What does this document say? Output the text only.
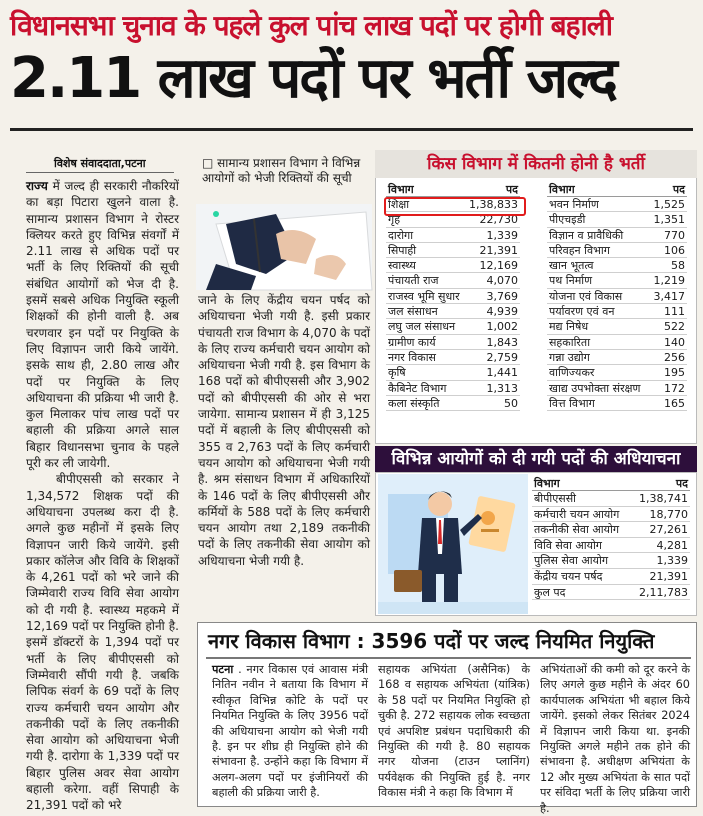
विधानसभा चुनाव के पहले कुल पांच लाख पदों पर होगी बहाली
2.11 लाख पदों पर भर्ती जल्द
विशेष संवाददाता,पटना

राज्य में जल्द ही सरकारी नौकरियों का बड़ा पिटारा खुलने वाला है. सामान्य प्रशासन विभाग ने रोस्टर क्लियर करते हुए विभिन्न संवर्गों में 2.11 लाख से अधिक पदों पर भर्ती के लिए रिक्तियों की सूची संबंधित आयोगों को भेज दी है. इसमें सबसे अधिक नियुक्ति स्कूली शिक्षकों की होनी वाली है. अब चरणवार इन पदों पर नियुक्ति के लिए विज्ञापन जारी किये जायेंगे. इसके साथ ही, 2.80 लाख और पदों पर नियुक्ति के लिए अधियाचना की प्रक्रिया भी जारी है. कुल मिलाकर पांच लाख पदों पर बहाली की प्रक्रिया अगले साल बिहार विधानसभा चुनाव के पहले पूरी कर ली जायेगी.

बीपीएससी को सरकार ने 1,34,572 शिक्षक पदों की अधियाचना उपलब्ध करा दी है. अगले कुछ महीनों में इसके लिए विज्ञापन जारी किये जायेंगे. इसी प्रकार कॉलेज और विवि के शिक्षकों के 4,261 पदों को भरे जाने की जिम्मेवारी राज्य विवि सेवा आयोग को दी गयी है. स्वास्थ्य महकमे में 12,169 पदों पर नियुक्ति होनी है. इसमें डॉक्टरों के 1,394 पदों पर भर्ती के लिए बीपीएससी को जिम्मेवारी सौंपी गयी है. जबकि लिपिक संवर्ग के 69 पदों के लिए राज्य कर्मचारी चयन आयोग और तकनीकी पदों के लिए तकनीकी सेवा आयोग को अधियाचना भेजी गयी है. दारोगा के 1,339 पदों पर बिहार पुलिस अवर सेवा आयोग बहाली करेगा. वहीं सिपाही के 21,391 पदों को भरे

□ सामान्य प्रशासन विभाग ने विभिन्न आयोगों को भेजी रिक्तियों की सूची

जाने के लिए केंद्रीय चयन पर्षद को अधियाचना भेजी गयी है. इसी प्रकार पंचायती राज विभाग के 4,070 के पदों के लिए राज्य कर्मचारी चयन आयोग को अधियाचना भेजी गयी है. इस विभाग के 168 पदों को बीपीएससी और 3,902 पदों को बीपीएससी की ओर से भरा जायेगा. सामान्य प्रशासन में ही 3,125 पदों में बहाली के लिए बीपीएससी को 355 व 2,763 पदों के लिए कर्मचारी चयन आयोग को अधियाचना भेजी गयी है. श्रम संसाधन विभाग में अधिकारियों के 146 पदों के लिए बीपीएससी और कर्मियों के 588 पदों के लिए कर्मचारी चयन आयोग तथा 2,189 तकनीकी पदों के लिए तकनीकी सेवा आयोग को अधियाचना भेजी गयी है.

किस विभाग में कितनी होनी है भर्ती
विभाग	पद
शिक्षा	1,38,833
गृह	22,730
दारोगा	1,339
सिपाही	21,391
स्वास्थ्य	12,169
पंचायती राज	4,070
राजस्व भूमि सुधार 3,769
जल संसाधन	4,939
लघु जल संसाधन	1,002
ग्रामीण कार्य	1,843
नगर विकास	2,759
कृषि	1,441
कैबिनेट विभाग	1,313
कला संस्कृति	50
विभाग	पद
भवन निर्माण	1,525
पीएचइडी	1,351
विज्ञान व प्रावैधिकी	770
परिवहन विभाग	106
खान भूतत्व	58
पथ निर्माण	1,219
योजना एवं विकास	3,417
पर्यावरण एवं वन	111
मद्य निषेध	522
सहकारिता	140
गन्ना उद्योग	256
वाणिज्यकर	195
खाद्य उपभोक्ता संरक्षण 172
वित्त विभाग	165
विभिन्न आयोगों को दी गयी पदों की अधियाचना
विभाग	पद
बीपीएससी	1,38,741
कर्मचारी चयन आयोग	18,770
तकनीकी सेवा आयोग	27,261
विवि सेवा आयोग	4,281
पुलिस सेवा आयोग	1,339
केंद्रीय चयन पर्षद	21,391
कुल पद	2,11,783
नगर विकास विभाग : 3596 पदों पर जल्द नियमित नियुक्ति
पटना . नगर विकास एवं आवास मंत्री नितिन नवीन ने बताया कि विभाग में स्वीकृत विभिन्न कोटि के पदों पर नियमित नियुक्ति के लिए 3956 पदों की अधियाचना आयोग को भेजी गयी है. इन पर शीघ्र ही नियुक्ति होने की संभावना है. उन्होंने कहा कि विभाग में अलग-अलग पदों पर इंजीनियरों की बहाली की प्रक्रिया जारी है.
सहायक अभियंता (असैनिक) के 168 व सहायक अभियंता (यांत्रिक) के 58 पदों पर नियमित नियुक्ति हो चुकी है. 272 सहायक लोक स्वच्छता एवं अपशिष्ट प्रबंधन पदाधिकारी की नियुक्ति की गयी है. 80 सहायक नगर योजना (टाउन प्लानिंग) पर्यवेक्षक की नियुक्ति हुई है. नगर विकास मंत्री ने कहा कि विभाग में
अभियंताओं की कमी को दूर करने के लिए अगले कुछ महीने के अंदर 60 कार्यपालक अभियंता भी बहाल किये जायेंगे. इसको लेकर सितंबर 2024 में विज्ञापन जारी किया था. इनकी नियुक्ति अगले महीने तक होने की संभावना है. अधीक्षण अभियंता के 12 और मुख्य अभियंता के सात पदों पर संविदा भर्ती के लिए प्रक्रिया जारी है.
